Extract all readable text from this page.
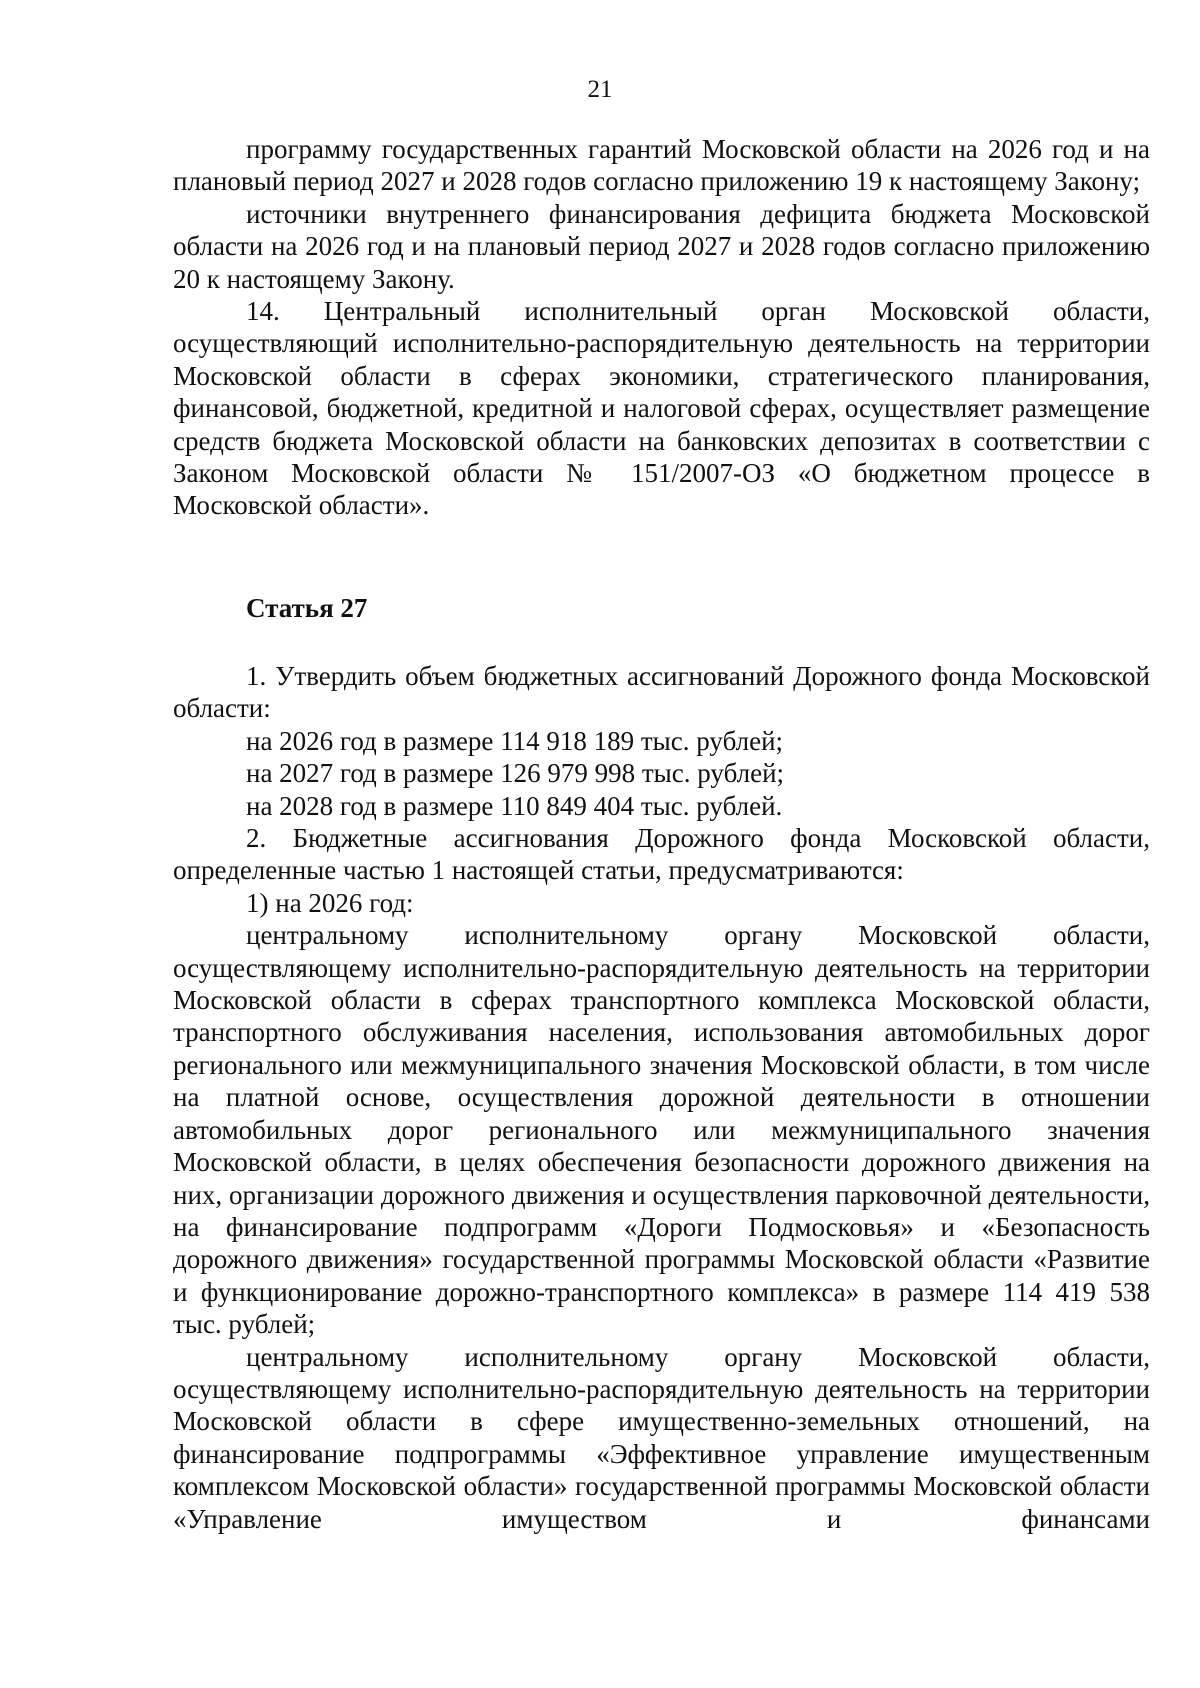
21

программу государственных гарантий Московской области на 2026 год и на плановый период 2027 и 2028 годов согласно приложению 19 к настоящему Закону;

источники внутреннего финансирования дефицита бюджета Московской области на 2026 год и на плановый период 2027 и 2028 годов согласно приложению 20 к настоящему Закону.

14. Центральный исполнительный орган Московской области, осуществляющий исполнительно-распорядительную деятельность на территории Московской области в сферах экономики, стратегического планирования, финансовой, бюджетной, кредитной и налоговой сферах, осуществляет размещение средств бюджета Московской области на банковских депозитах в соответствии с Законом Московской области № 151/2007-ОЗ «О бюджетном процессе в Московской области».

Статья 27

1. Утвердить объем бюджетных ассигнований Дорожного фонда Московской области:

на 2026 год в размере 114 918 189 тыс. рублей;

на 2027 год в размере 126 979 998 тыс. рублей;

на 2028 год в размере 110 849 404 тыс. рублей.

2. Бюджетные ассигнования Дорожного фонда Московской области, определенные частью 1 настоящей статьи, предусматриваются:

1) на 2026 год:

центральному исполнительному органу Московской области, осуществляющему исполнительно-распорядительную деятельность на территории Московской области в сферах транспортного комплекса Московской области, транспортного обслуживания населения, использования автомобильных дорог регионального или межмуниципального значения Московской области, в том числе на платной основе, осуществления дорожной деятельности в отношении автомобильных дорог регионального или межмуниципального значения Московской области, в целях обеспечения безопасности дорожного движения на них, организации дорожного движения и осуществления парковочной деятельности, на финансирование подпрограмм «Дороги Подмосковья» и «Безопасность дорожного движения» государственной программы Московской области «Развитие и функционирование дорожно-транспортного комплекса» в размере 114 419 538 тыс. рублей;

центральному исполнительному органу Московской области, осуществляющему исполнительно-распорядительную деятельность на территории Московской области в сфере имущественно-земельных отношений, на финансирование подпрограммы «Эффективное управление имущественным комплексом Московской области» государственной программы Московской области «Управление имуществом и финансами
